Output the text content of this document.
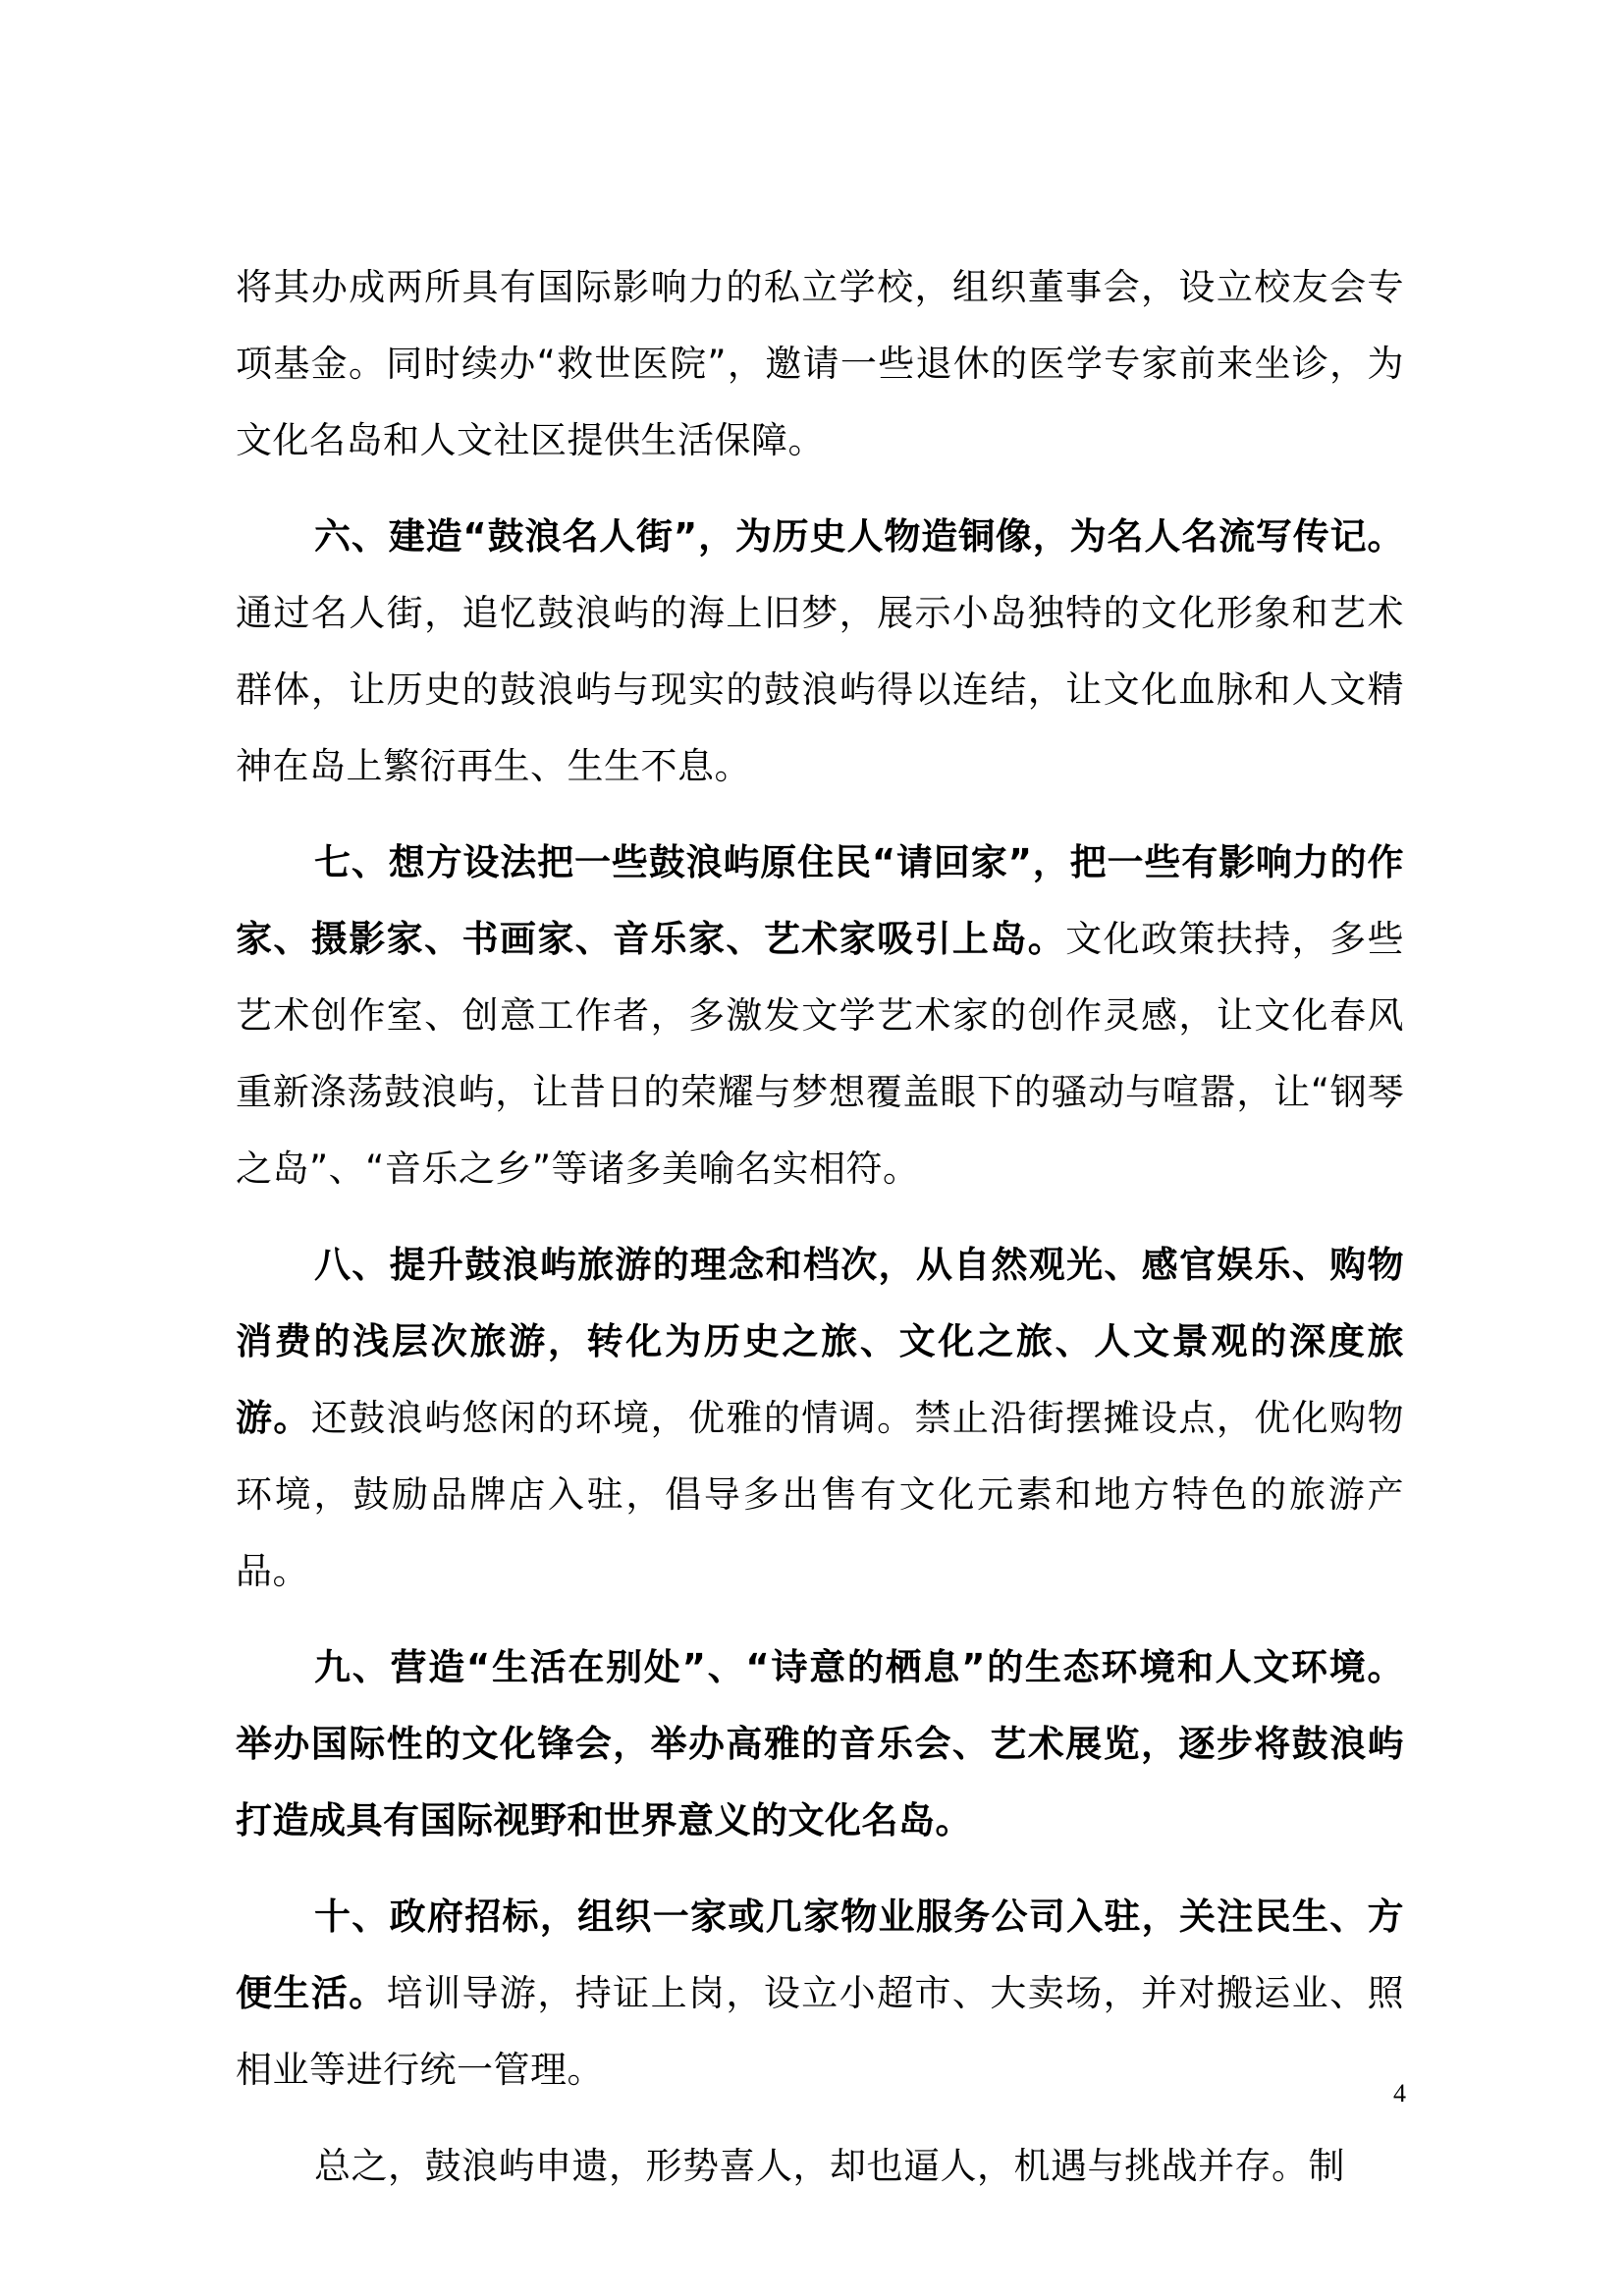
将其办成两所具有国际影响力的私立学校，组织董事会，设立校友会专项基金。同时续办“救世医院”，邀请一些退休的医学专家前来坐诊，为文化名岛和人文社区提供生活保障。

六、建造“鼓浪名人街”，为历史人物造铜像，为名人名流写传记。通过名人街，追忆鼓浪屿的海上旧梦，展示小岛独特的文化形象和艺术群体，让历史的鼓浪屿与现实的鼓浪屿得以连结，让文化血脉和人文精神在岛上繁衍再生、生生不息。

七、想方设法把一些鼓浪屿原住民“请回家”，把一些有影响力的作家、摄影家、书画家、音乐家、艺术家吸引上岛。文化政策扶持，多些艺术创作室、创意工作者，多激发文学艺术家的创作灵感，让文化春风重新涤荡鼓浪屿，让昔日的荣耀与梦想覆盖眼下的骚动与喧嚣，让“钢琴之岛”、“音乐之乡”等诸多美喻名实相符。

八、提升鼓浪屿旅游的理念和档次，从自然观光、感官娱乐、购物消费的浅层次旅游，转化为历史之旅、文化之旅、人文景观的深度旅游。还鼓浪屿悠闲的环境，优雅的情调。禁止沿街摆摊设点，优化购物环境，鼓励品牌店入驻，倡导多出售有文化元素和地方特色的旅游产品。

九、营造“生活在别处”、“诗意的栖息”的生态环境和人文环境。举办国际性的文化锋会，举办高雅的音乐会、艺术展览，逐步将鼓浪屿打造成具有国际视野和世界意义的文化名岛。

十、政府招标，组织一家或几家物业服务公司入驻，关注民生、方便生活。培训导游，持证上岗，设立小超市、大卖场，并对搬运业、照相业等进行统一管理。

总之，鼓浪屿申遗，形势喜人，却也逼人，机遇与挑战并存。制

4
